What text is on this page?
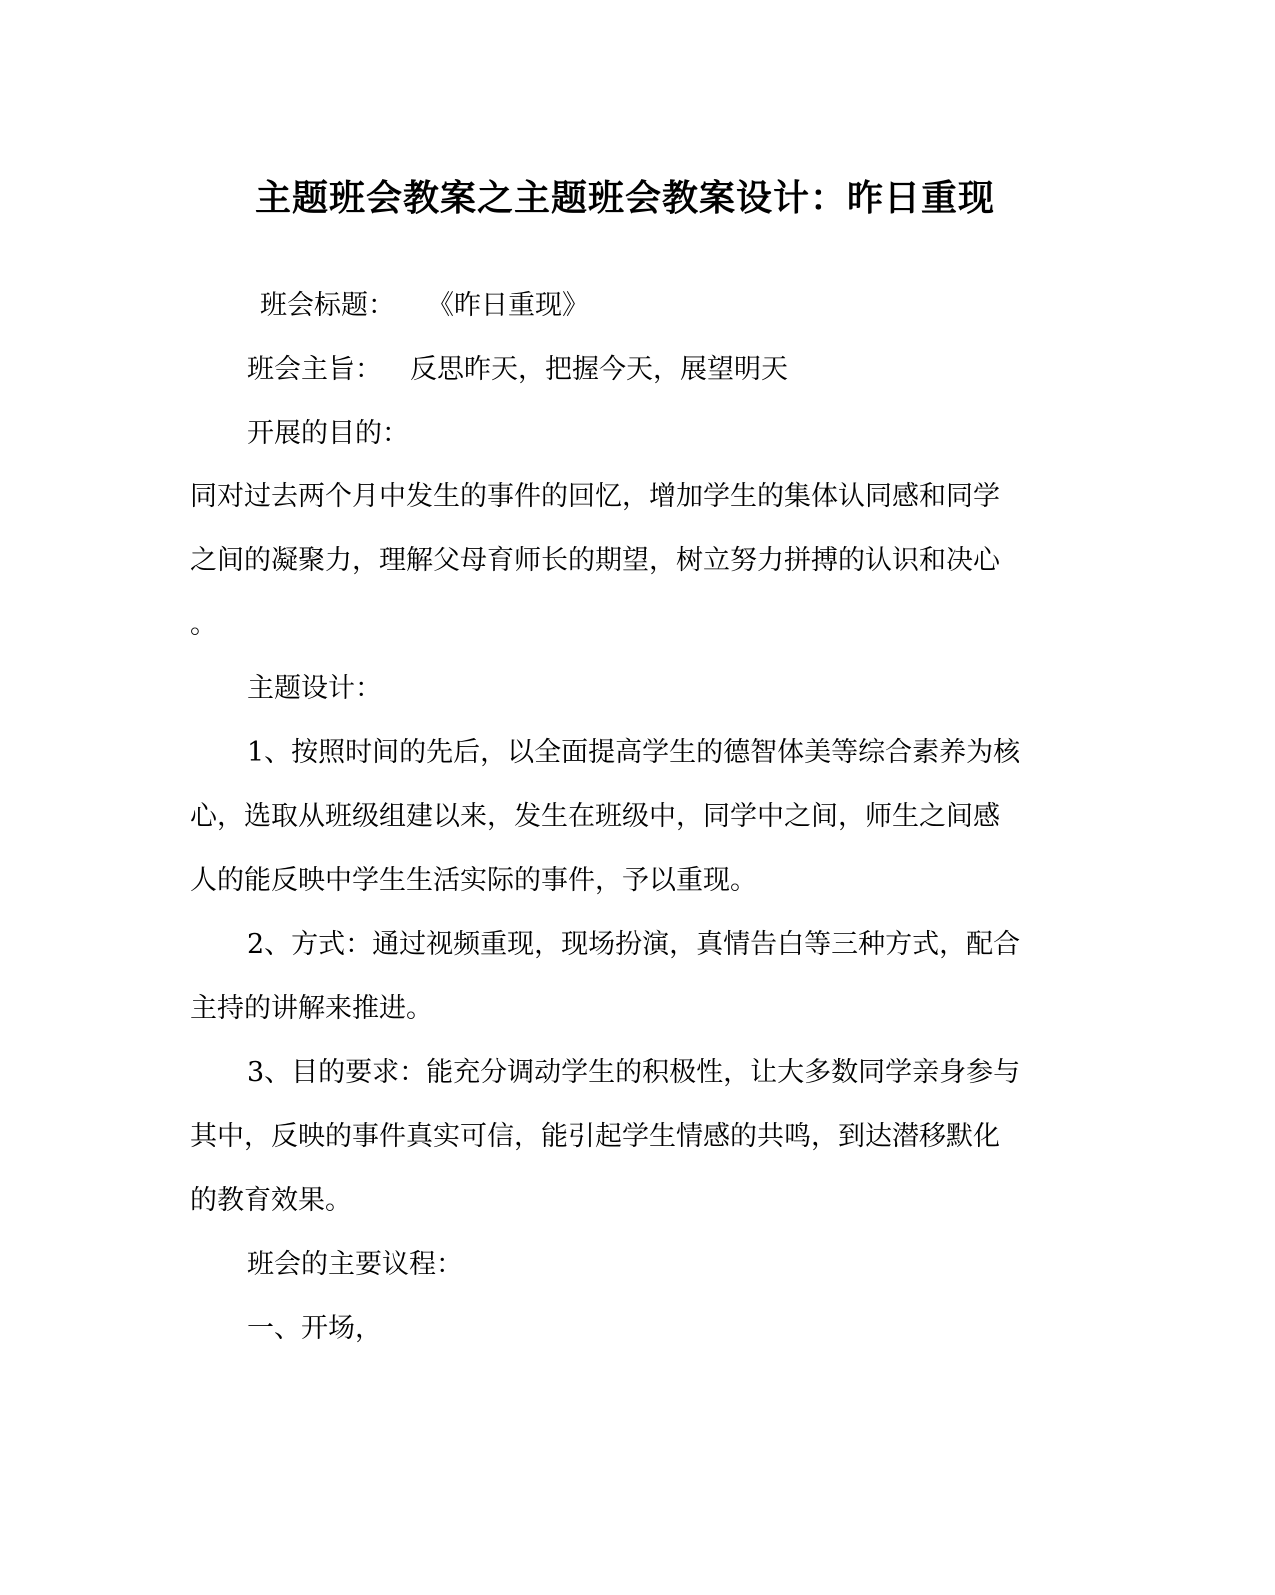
主题班会教案之主题班会教案设计：昨日重现
班会标题： 《昨日重现》
班会主旨： 反思昨天，把握今天，展望明天
开展的目的：
同对过去两个月中发生的事件的回忆，增加学生的集体认同感和同学
之间的凝聚力，理解父母育师长的期望，树立努力拼搏的认识和决心
。
主题设计：
1、按照时间的先后，以全面提高学生的德智体美等综合素养为核
心，选取从班级组建以来，发生在班级中，同学中之间，师生之间感
人的能反映中学生生活实际的事件，予以重现。
2、方式：通过视频重现，现场扮演，真情告白等三种方式，配合
主持的讲解来推进。
3、目的要求：能充分调动学生的积极性，让大多数同学亲身参与
其中，反映的事件真实可信，能引起学生情感的共鸣，到达潜移默化
的教育效果。
班会的主要议程：
一、开场，
